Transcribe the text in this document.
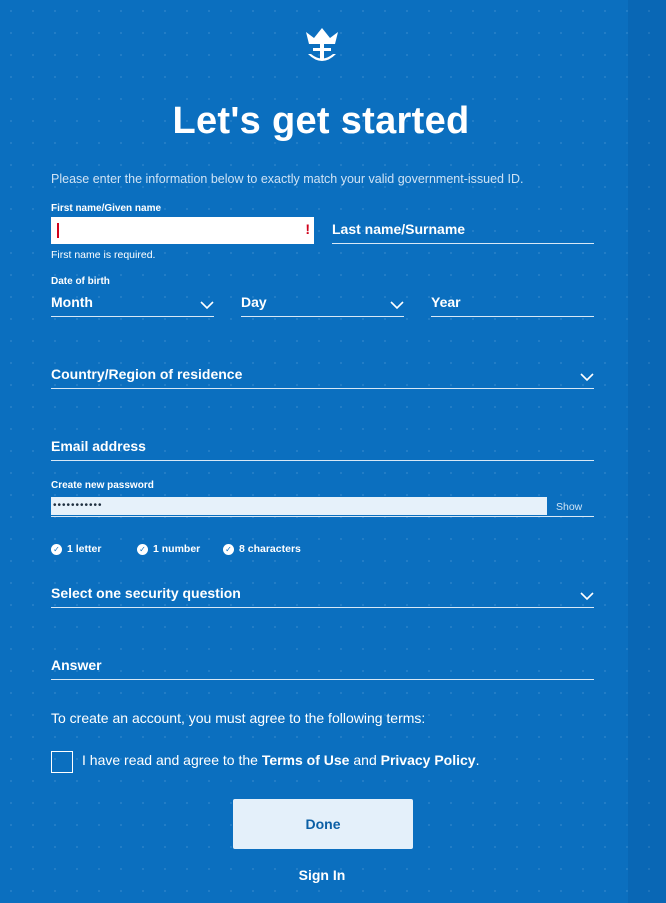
Let's get started
Please enter the information below to exactly match your valid government-issued ID.
First name/Given name
!
First name is required.
Last name/Surname
Date of birth
Month	Day	Year
Country/Region of residence
Email address
Create new password
•••••••••••	Show
✓ 1 letter	✓ 1 number	✓ 8 characters
Select one security question
Answer
To create an account, you must agree to the following terms:
I have read and agree to the Terms of Use and Privacy Policy.
Done
Sign In
